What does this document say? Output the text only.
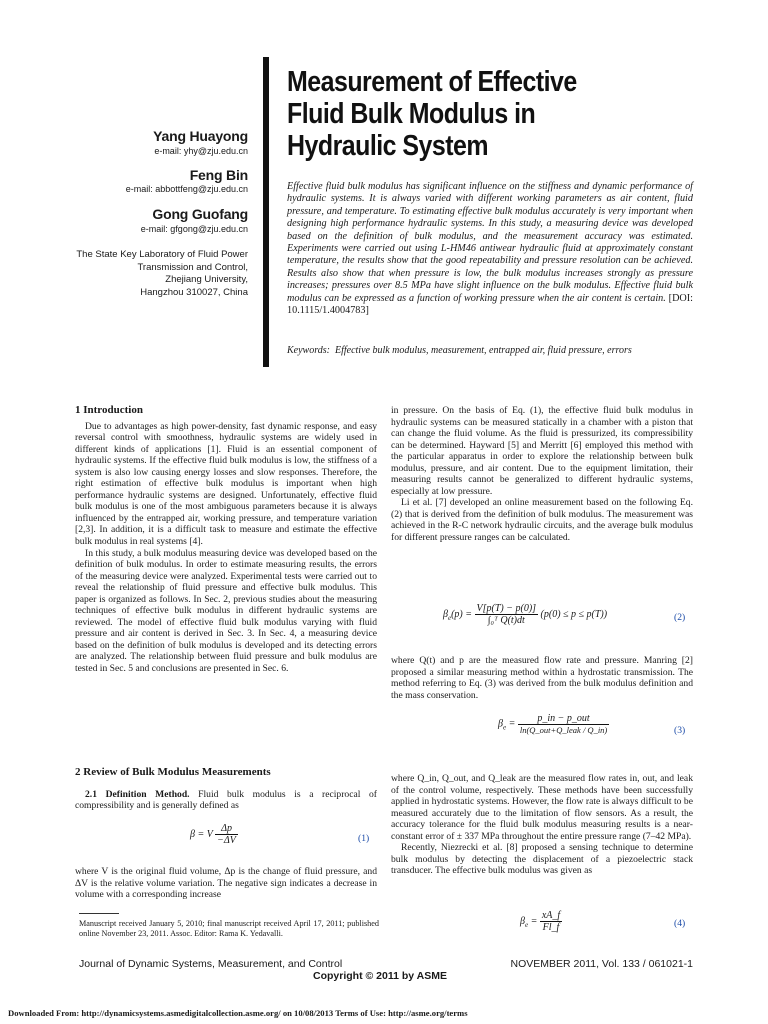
Measurement of Effective
Fluid Bulk Modulus in
Hydraulic System
Yang Huayong
e-mail: yhy@zju.edu.cn
Feng Bin
e-mail: abbottfeng@zju.edu.cn
Gong Guofang
e-mail: gfgong@zju.edu.cn
The State Key Laboratory of Fluid Power
Transmission and Control,
Zhejiang University,
Hangzhou 310027, China
Effective fluid bulk modulus has significant influence on the stiffness and dynamic performance of hydraulic systems. It is always varied with different working parameters as air content, fluid pressure, and temperature. To estimating effective bulk modulus accurately is very important when designing high performance hydraulic systems. In this study, a measuring device was developed based on the definition of bulk modulus, and the measurement accuracy was estimated. Experiments were carried out using L-HM46 antiwear hydraulic fluid at approximately constant temperature, the results show that the good repeatability and pressure resolution can be achieved. Results also show that when pressure is low, the bulk modulus increases strongly as pressure increases; pressures over 8.5 MPa have slight influence on the bulk modulus. Effective fluid bulk modulus can be expressed as a function of working pressure when the air content is certain. [DOI: 10.1115/1.4004783]
Keywords: Effective bulk modulus, measurement, entrapped air, fluid pressure, errors
1 Introduction

Due to advantages as high power-density, fast dynamic response, and easy reversal control with smoothness, hydraulic systems are widely used in different kinds of applications [1]. Fluid is an essential component of hydraulic systems. If the effective fluid bulk modulus is low, the stiffness of a system is also low causing energy losses and slow responses. Therefore, the right estimation of effective bulk modulus is important when high performance hydraulic systems are designed. Unfortunately, effective fluid bulk modulus is one of the most ambiguous parameters because it is always influenced by the entrapped air, working pressure, and temperature variation [2,3]. In addition, it is a difficult task to measure and estimate the effective bulk modulus in real systems [4].

In this study, a bulk modulus measuring device was developed based on the definition of bulk modulus. In order to estimate measuring results, the errors of the measuring device were analyzed. Experimental tests were carried out to reveal the relationship of fluid pressure and effective bulk modulus. This paper is organized as follows. In Sec. 2, previous studies about the measuring techniques of effective bulk modulus in different hydraulic systems are reviewed. The model of effective fluid bulk modulus varying with fluid pressure and air content is derived in Sec. 3. In Sec. 4, a measuring device based on the definition of bulk modulus is developed and its detecting errors are analyzed. The relationship between fluid pressure and bulk modulus are tested in Sec. 5 and conclusions are presented in Sec. 6.

2 Review of Bulk Modulus Measurements

2.1 Definition Method. Fluid bulk modulus is a reciprocal of compressibility and is generally defined as

β = V $\frac{\Delta p}{-\Delta V}$	(1)

where V is the original fluid volume, Δp is the change of fluid pressure, and ΔV is the relative volume variation. The negative sign indicates a decrease in volume with a corresponding increase

Manuscript received January 5, 2010; final manuscript received April 17, 2011; published online November 23, 2011. Assoc. Editor: Rama K. Yedavalli.

in pressure. On the basis of Eq. (1), the effective fluid bulk modulus in hydraulic systems can be measured statically in a chamber with a piston that can change the fluid volume. As the fluid is pressurized, its compressibility can be determined. Hayward [5] and Merritt [6] employed this method with the particular apparatus in order to explore the relationship between bulk modulus, pressure, and air content. Due to the equipment limitation, their measuring results cannot be generalized to different hydraulic systems, especially at low pressure.

Li et al. [7] developed an online measurement based on the following Eq. (2) that is derived from the definition of bulk modulus. The measurement was achieved in the R-C network hydraulic circuits, and the average bulk modulus for different pressure ranges can be calculated.

$\beta_e(p) = \frac{V[p(T) - p(0)]}{\text{∫₀ᵀ Q(t)dt}} (p(0) \le p \le p(T))$	(2)

where Q(t) and p are the measured flow rate and pressure. Manring [2] proposed a similar measuring method within a hydrostatic transmission. The method referring to Eq. (3) was derived from the bulk modulus definition and the mass conservation.

$\beta_e = \frac{\text{p\_in − p\_out}}{\text{ln(Q\_out+Q\_leak / Q\_in)}}$	(3)

where Q_in, Q_out, and Q_leak are the measured flow rates in, out, and leak of the control volume, respectively. These methods have been successfully applied in hydrostatic systems. However, the flow rate is always difficult to be measured accurately due to the limitation of flow sensors. As a result, the accuracy tolerance for the fluid bulk modulus measuring results is a near-constant error of ± 337 MPa throughout the entire pressure range (7–42 MPa).

Recently, Niezrecki et al. [8] proposed a sensing technique to determine bulk modulus by detecting the displacement of a piezoelectric stack transducer. The effective bulk modulus was given as

$\beta_e = \frac{xA\_f}{Fl\_f}$	(4)
Journal of Dynamic Systems, Measurement, and Control
Copyright © 2011 by ASME
NOVEMBER 2011, Vol. 133 / 061021-1
Downloaded From: http://dynamicsystems.asmedigitalcollection.asme.org/ on 10/08/2013 Terms of Use: http://asme.org/terms
